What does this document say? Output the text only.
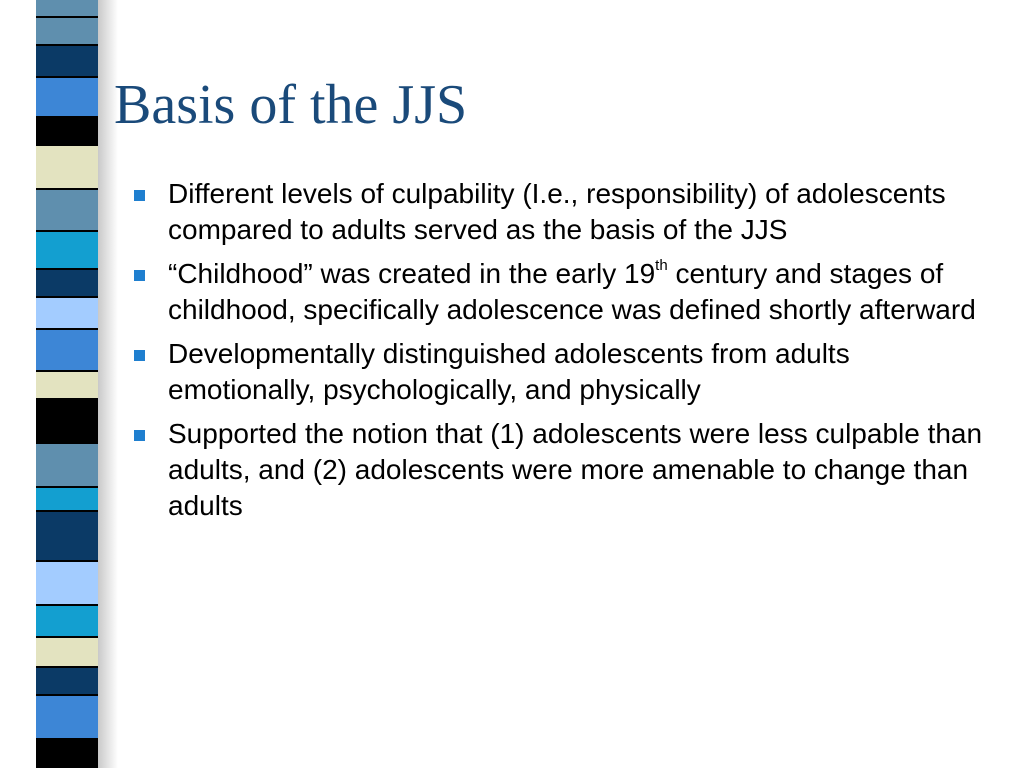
Basis of the JJS
Different levels of culpability (I.e., responsibility) of adolescents compared to adults served as the basis of the JJS
“Childhood” was created in the early 19th century and stages of childhood, specifically adolescence was defined shortly afterward
Developmentally distinguished adolescents from adults emotionally, psychologically, and physically
Supported the notion that (1) adolescents were less culpable than adults, and (2) adolescents were more amenable to change than adults
